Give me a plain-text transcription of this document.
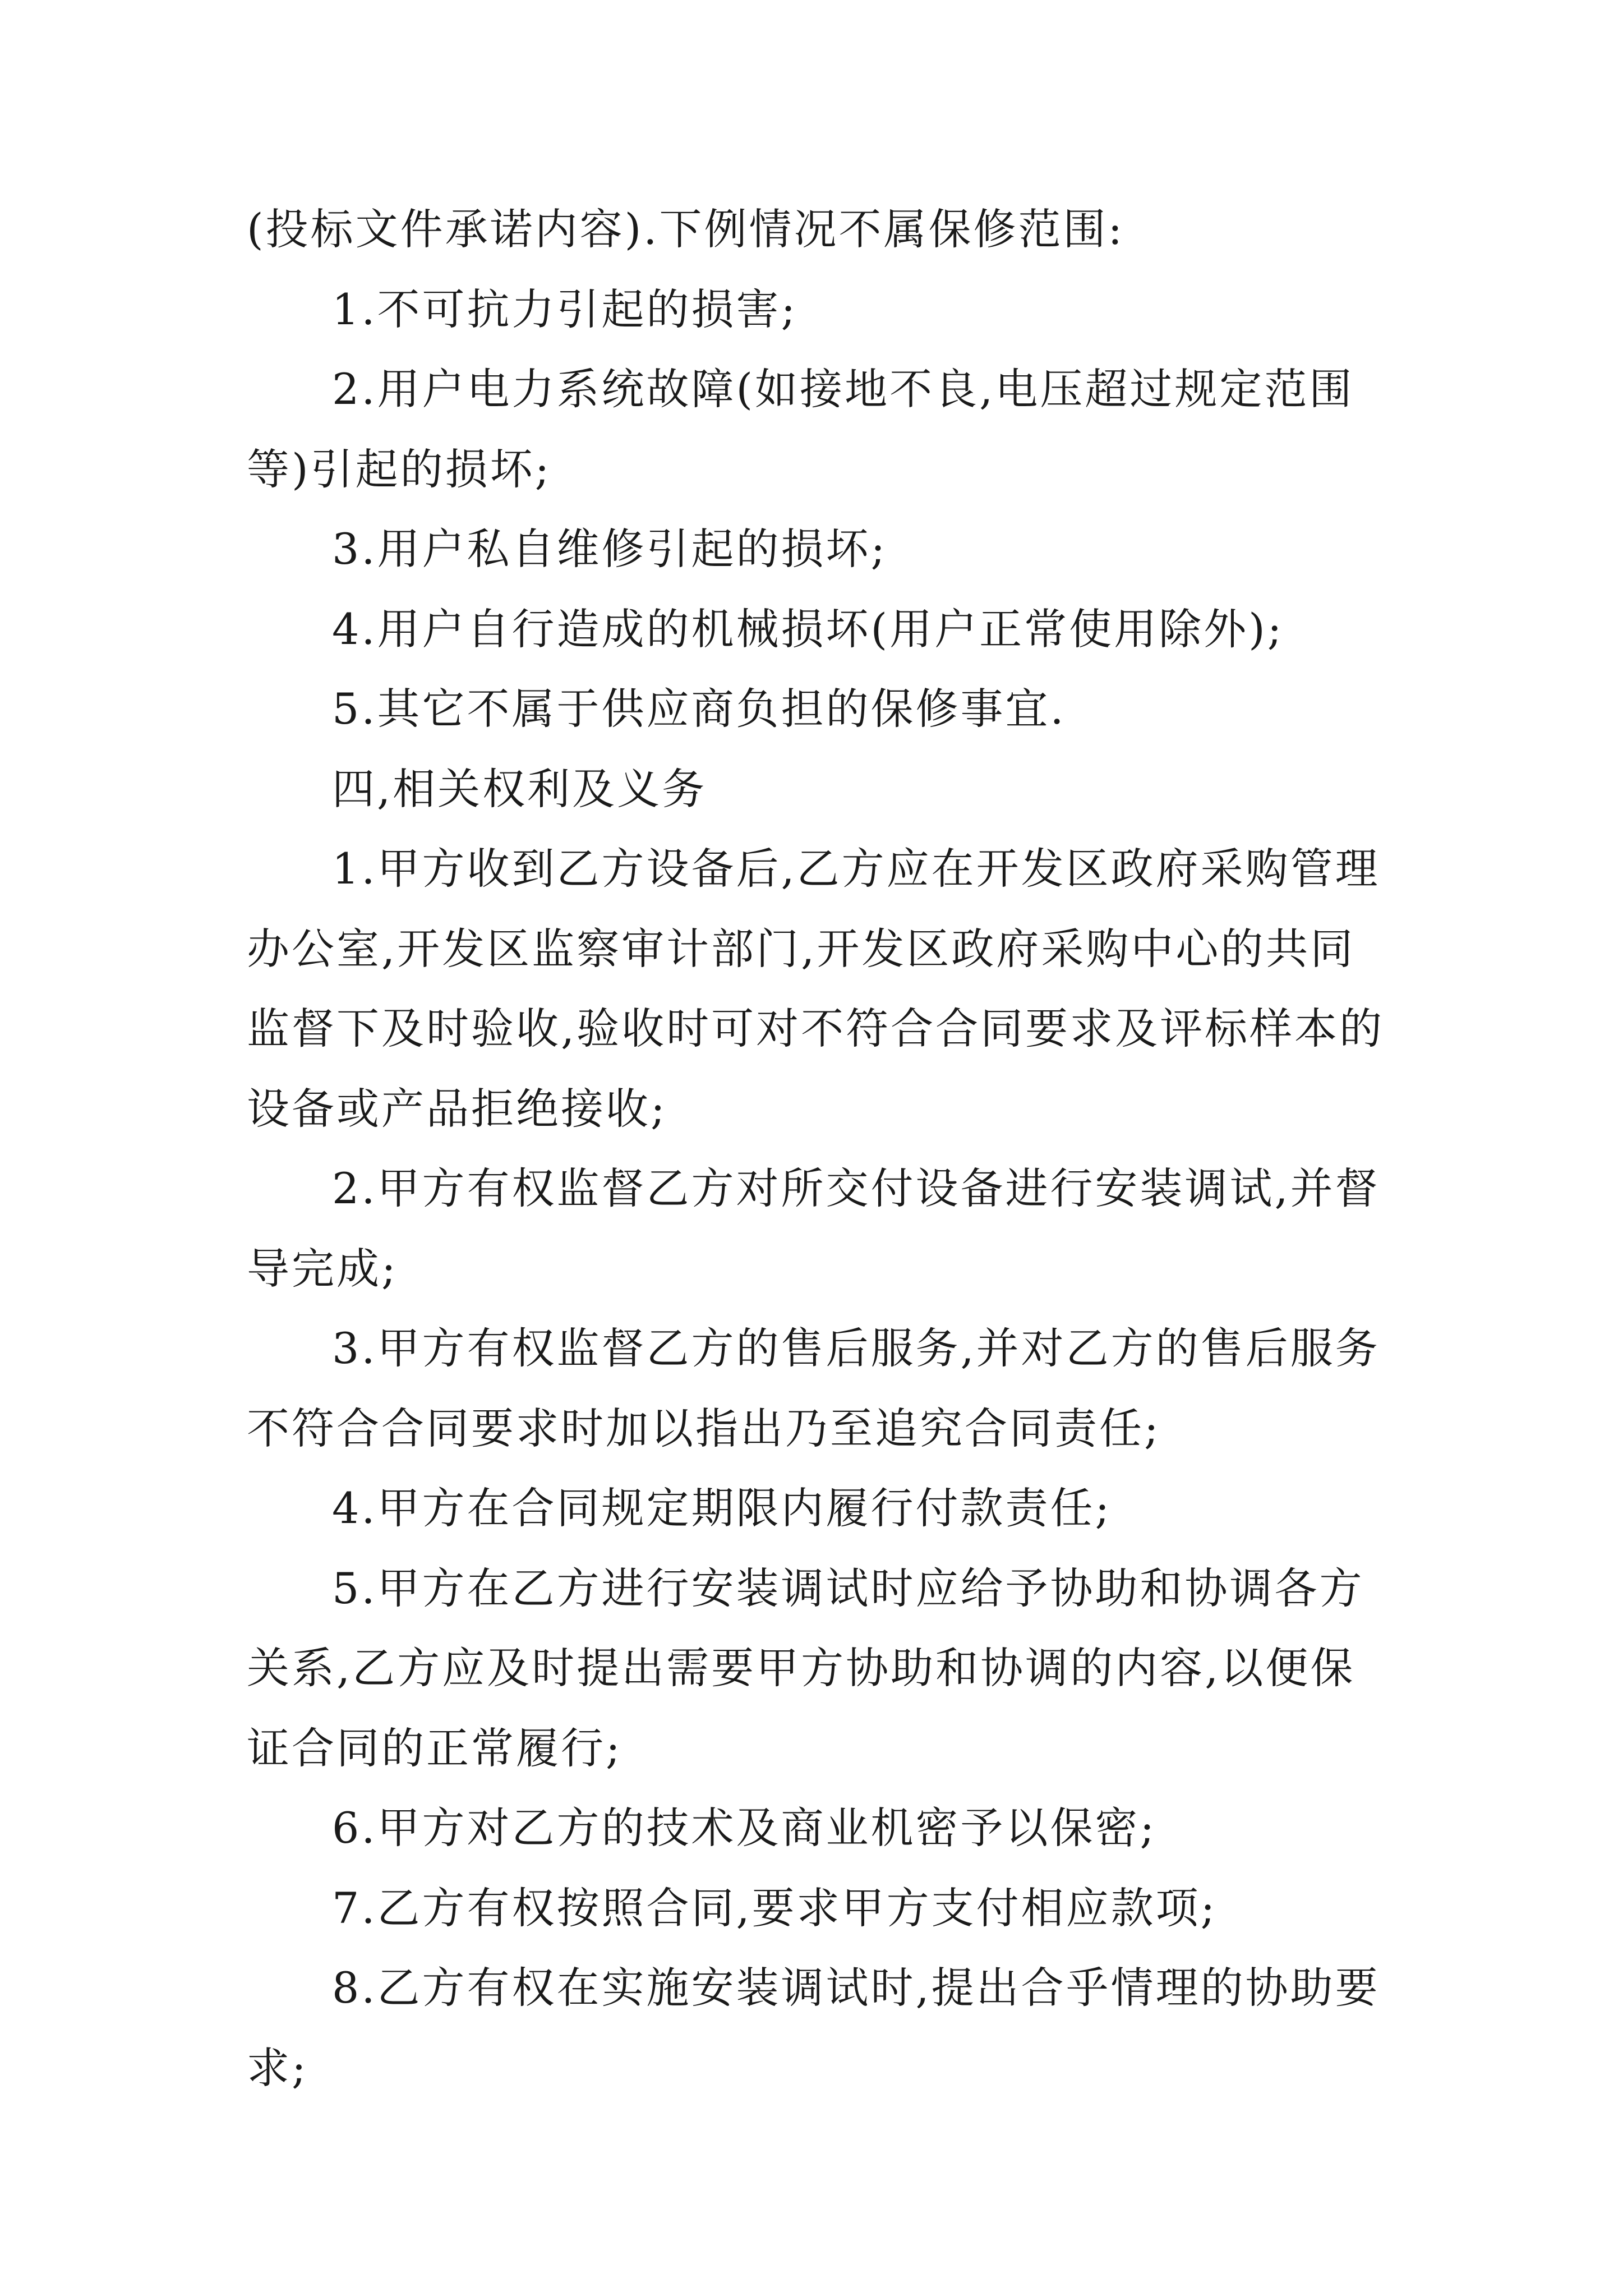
(投标文件承诺内容).下例情况不属保修范围:

1.不可抗力引起的损害;

2.用户电力系统故障(如接地不良,电压超过规定范围等)引起的损坏;

3.用户私自维修引起的损坏;

4.用户自行造成的机械损坏(用户正常使用除外);

5.其它不属于供应商负担的保修事宜.

四,相关权利及义务

1.甲方收到乙方设备后,乙方应在开发区政府采购管理办公室,开发区监察审计部门,开发区政府采购中心的共同监督下及时验收,验收时可对不符合合同要求及评标样本的设备或产品拒绝接收;

2.甲方有权监督乙方对所交付设备进行安装调试,并督导完成;

3.甲方有权监督乙方的售后服务,并对乙方的售后服务不符合合同要求时加以指出乃至追究合同责任;

4.甲方在合同规定期限内履行付款责任;

5.甲方在乙方进行安装调试时应给予协助和协调各方关系,乙方应及时提出需要甲方协助和协调的内容,以便保证合同的正常履行;

6.甲方对乙方的技术及商业机密予以保密;

7.乙方有权按照合同,要求甲方支付相应款项;

8.乙方有权在实施安装调试时,提出合乎情理的协助要求;
